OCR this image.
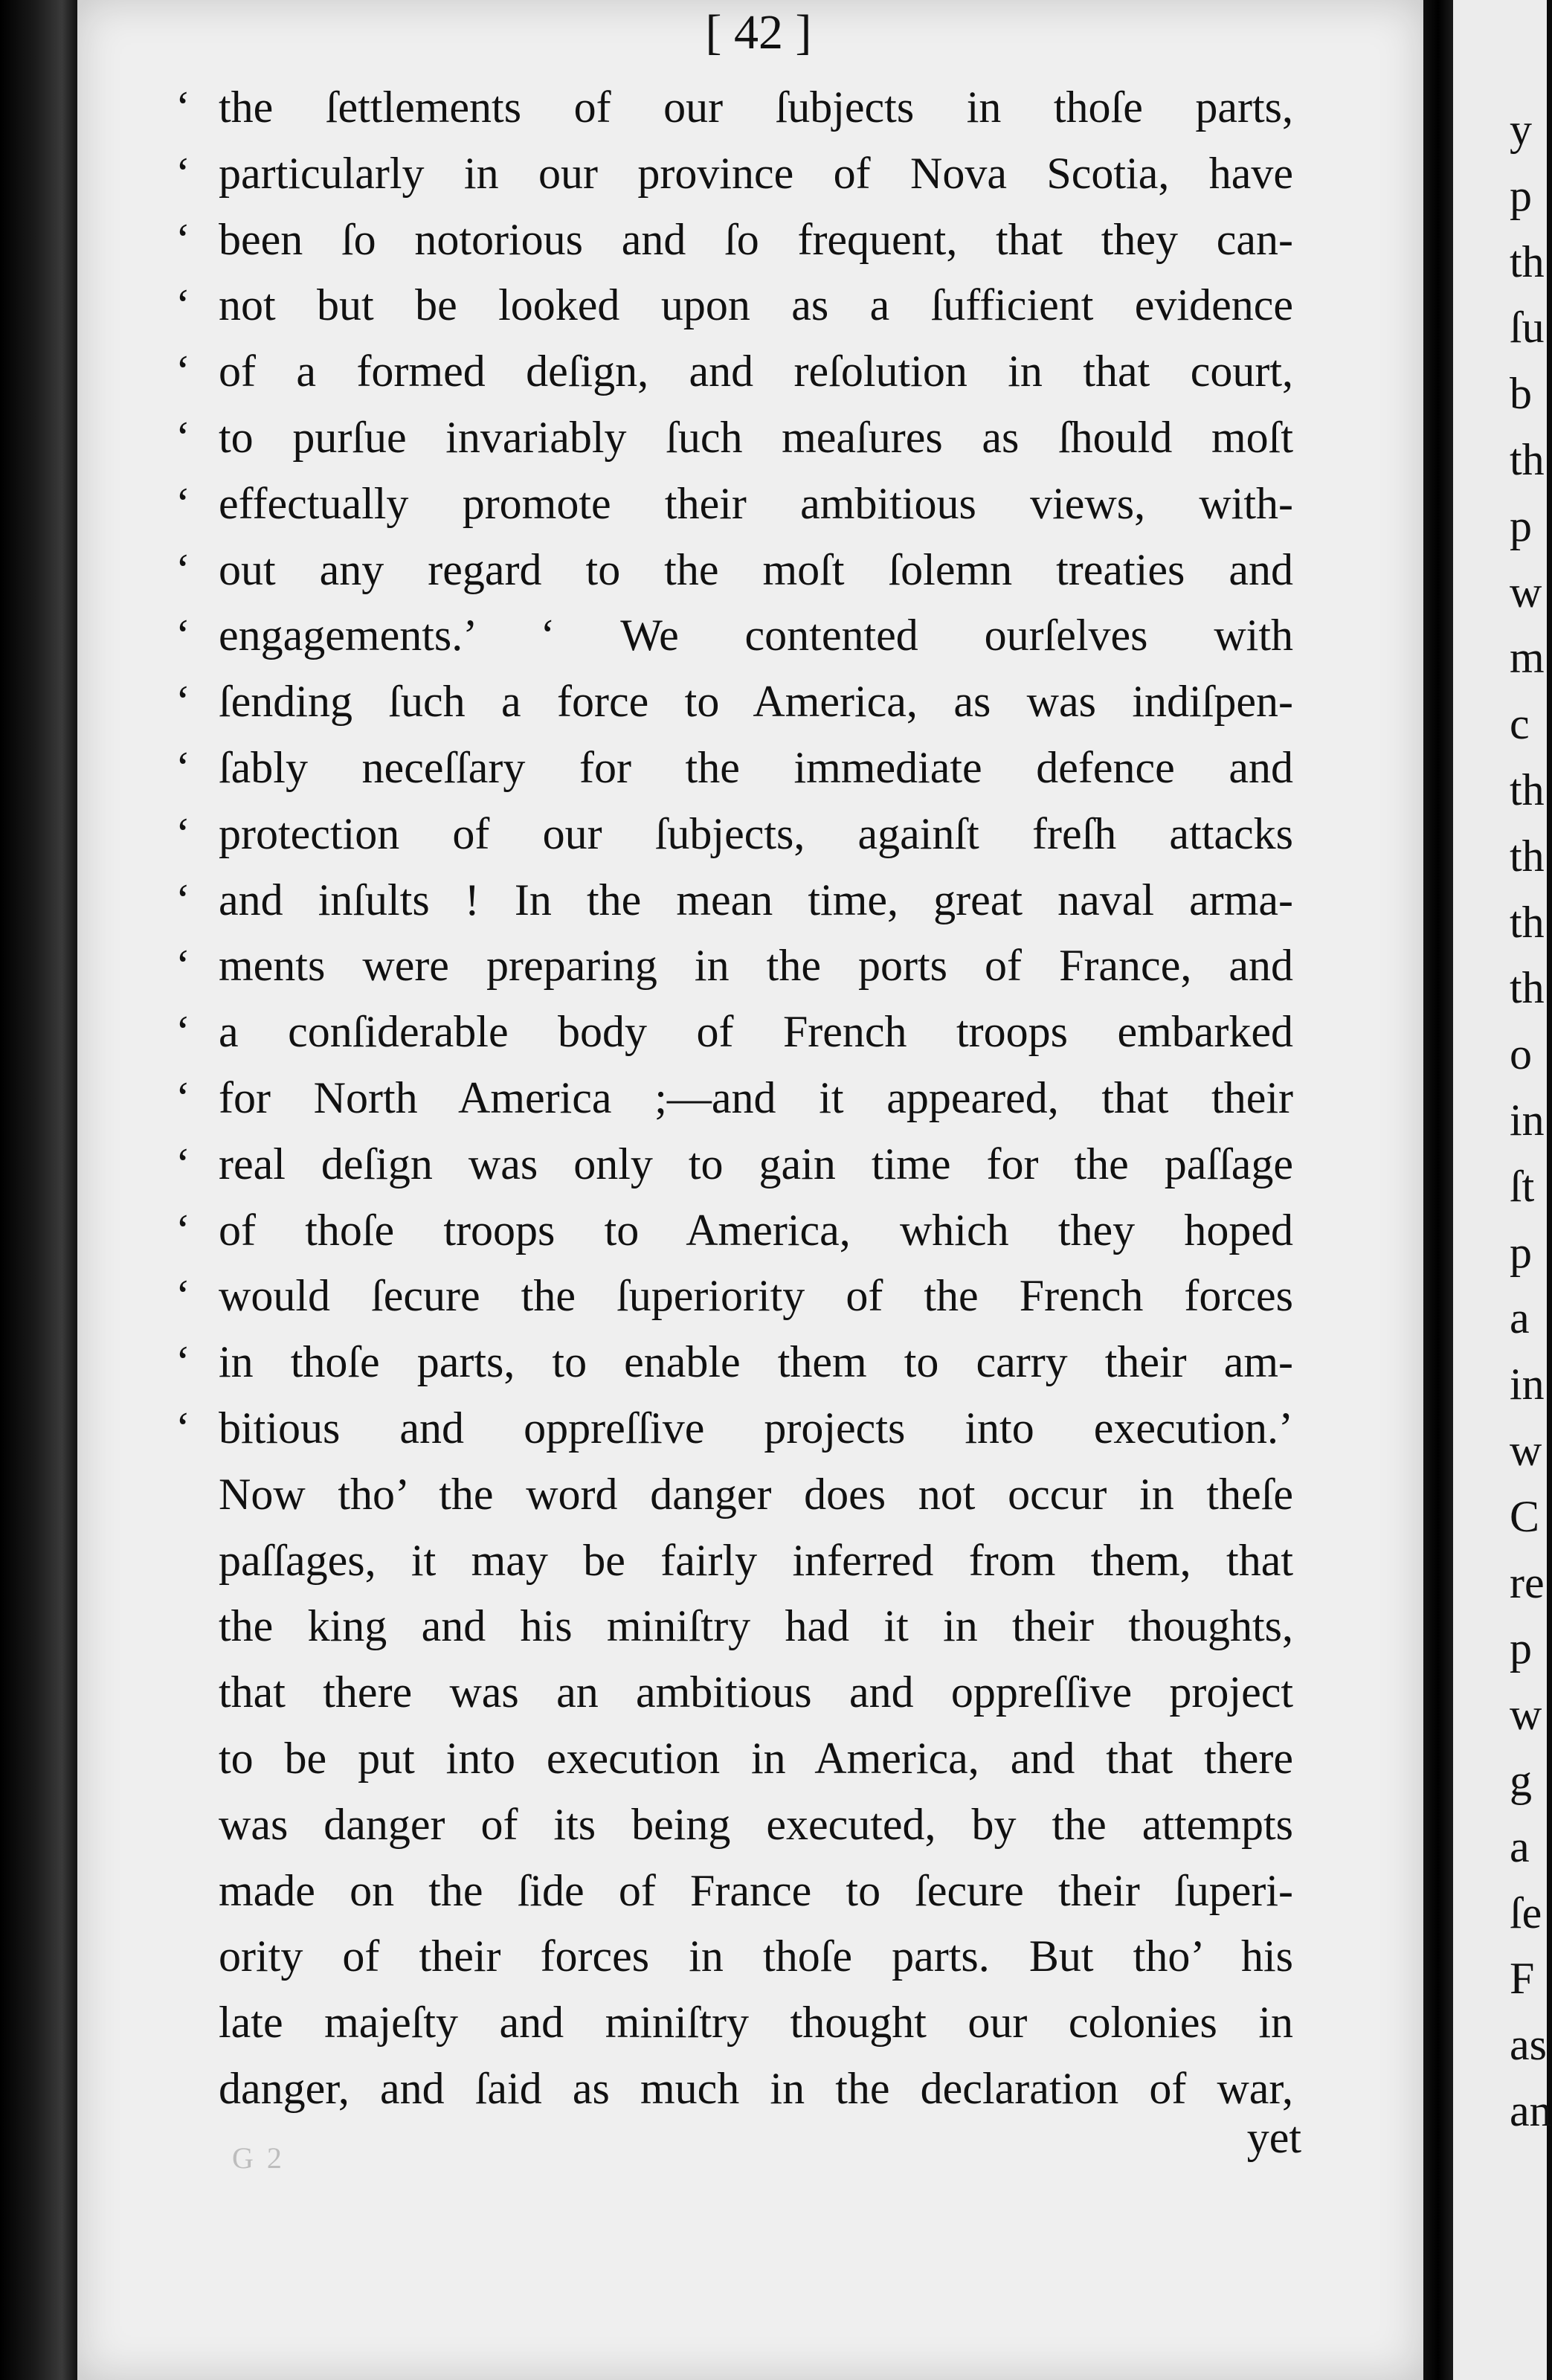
[ 42 ]
‘ the ſettlements of our ſubjects in thoſe parts,
‘ particularly in our province of Nova Scotia, have
‘ been ſo notorious and ſo frequent, that they can-
‘ not but be looked upon as a ſufficient evidence
‘ of a formed deſign, and reſolution in that court,
‘ to purſue invariably ſuch meaſures as ſhould moſt
‘ effectually promote their ambitious views, with-
‘ out any regard to the moſt ſolemn treaties and
‘ engagements.’ ‘ We contented ourſelves with
‘ ſending ſuch a force to America, as was indiſpen-
‘ ſably neceſſary for the immediate defence and
‘ protection of our ſubjects, againſt freſh attacks
‘ and inſults ! In the mean time, great naval arma-
‘ ments were preparing in the ports of France, and
‘ a conſiderable body of French troops embarked
‘ for North America ;—and it appeared, that their
‘ real deſign was only to gain time for the paſſage
‘ of thoſe troops to America, which they hoped
‘ would ſecure the ſuperiority of the French forces
‘ in thoſe parts, to enable them to carry their am-
‘ bitious and oppreſſive projects into execution.’
Now tho’ the word danger does not occur in theſe
paſſages, it may be fairly inferred from them, that
the king and his miniſtry had it in their thoughts,
that there was an ambitious and oppreſſive project
to be put into execution in America, and that there
was danger of its being executed, by the attempts
made on the ſide of France to ſecure their ſuperi-
ority of their forces in thoſe parts. But tho’ his
late majeſty and miniſtry thought our colonies in
danger, and ſaid as much in the declaration of war,
G 2	yet
y
p
th
ſu
b
th
p
w
m
c
th
th
th
th
o
in
ſt
p
a
in
w
C
re
p
w
g
a
ſe
F
as
an
